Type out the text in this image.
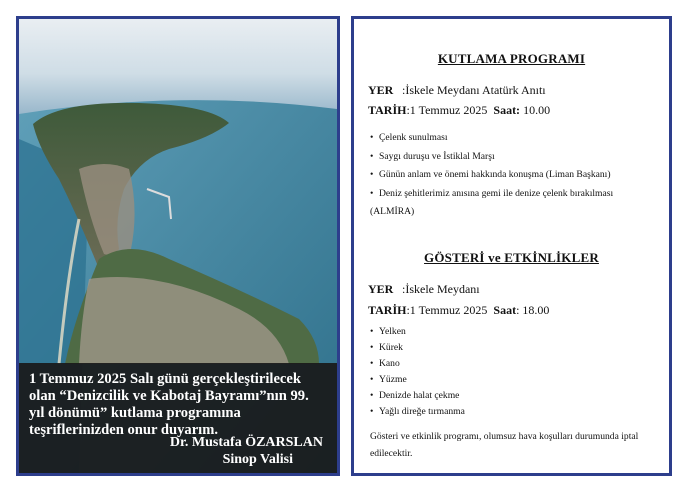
1 Temmuz 2025 Salı günü gerçekleştirilecek olan “Denizcilik ve Kabotaj Bayramı”nın 99. yıl dönümü” kutlama programına teşriflerinizden onur duyarım.

Dr. Mustafa ÖZARSLAN
Sinop Valisi
KUTLAMA PROGRAMI
YER :İskele Meydanı Atatürk Anıtı
TARİH:1 Temmuz 2025 Saat: 10.00
• Çelenk sunulması
• Saygı duruşu ve İstiklal Marşı
• Günün anlam ve önemi hakkında konuşma (Liman Başkanı)
• Deniz şehitlerimiz anısına gemi ile denize çelenk bırakılması
(ALMİRA)
GÖSTERİ ve ETKİNLİKLER
YER :İskele Meydanı
TARİH:1 Temmuz 2025 Saat: 18.00
• Yelken
• Kürek
• Kano
• Yüzme
• Denizde halat çekme
• Yağlı direğe tırmanma
Gösteri ve etkinlik programı, olumsuz hava koşulları durumunda iptal edilecektir.
